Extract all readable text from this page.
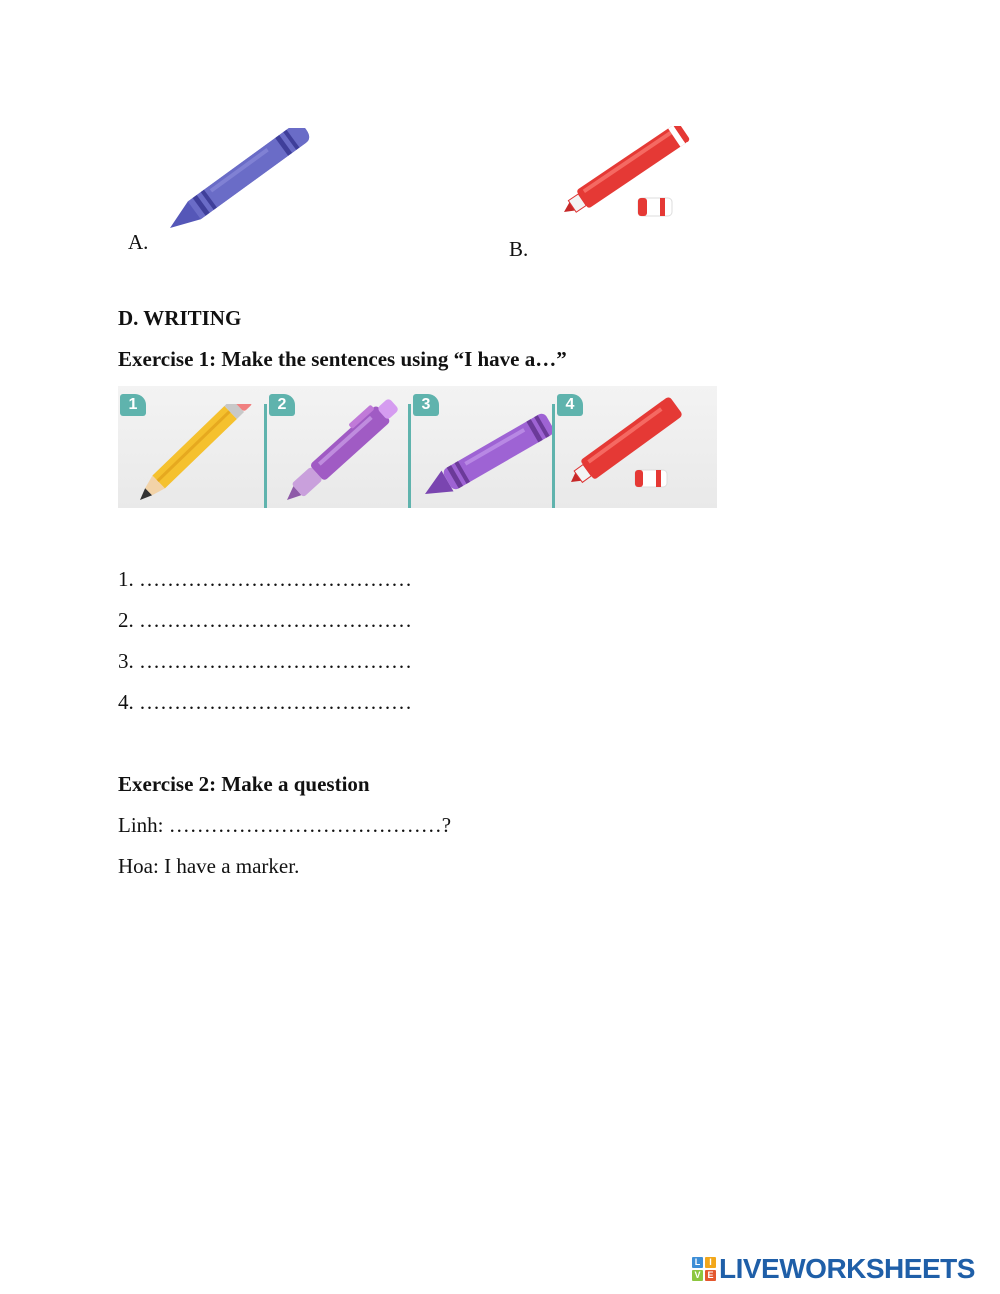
A.	B.
D. WRITING
Exercise 1: Make the sentences using “I have a…”
1	2	3	4
1. …………………………………
2. …………………………………
3. …………………………………
4. …………………………………
Exercise 2: Make a question
Linh: …………………………………?
Hoa: I have a marker.
L I
V E LIVEWORKSHEETS
